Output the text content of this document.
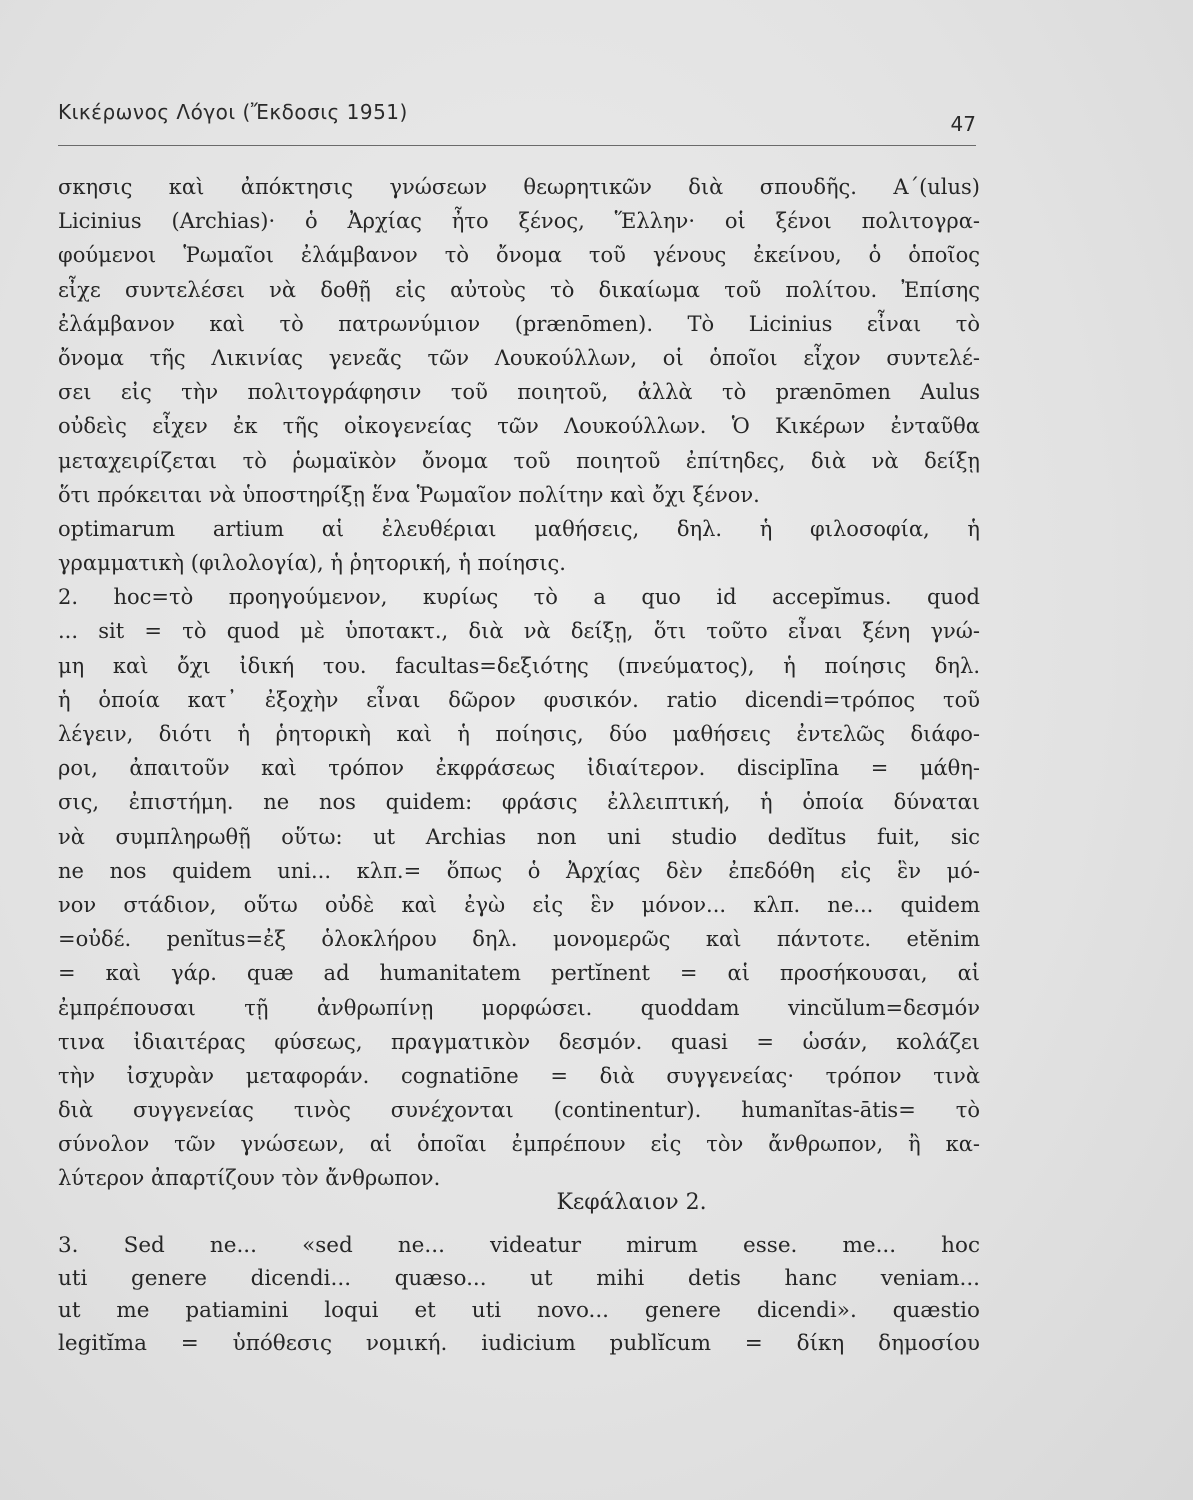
Κικέρωνος Λόγοι (Ἔκδοσις 1951)	47
σκησις καὶ ἀπόκτησις γνώσεων θεωρητικῶν διὰ σπουδῆς. A΄(ulus)
Licinius (Archias)· ὁ Ἀρχίας ἦτο ξένος, Ἕλλην· οἱ ξένοι πολιτογρα-
φούμενοι Ῥωμαῖοι ἐλάμβανον τὸ ὄνομα τοῦ γένους ἐκείνου, ὁ ὁποῖος
εἶχε συντελέσει νὰ δοθῇ εἰς αὐτοὺς τὸ δικαίωμα τοῦ πολίτου. Ἐπίσης
ἐλάμβανον καὶ τὸ πατρωνύμιον (prænōmen). Τὸ Licinius εἶναι τὸ
ὄνομα τῆς Λικινίας γενεᾶς τῶν Λουκούλλων, οἱ ὁποῖοι εἶχον συντελέ-
σει εἰς τὴν πολιτογράφησιν τοῦ ποιητοῦ, ἀλλὰ τὸ prænōmen Aulus
οὐδεὶς εἶχεν ἐκ τῆς οἰκογενείας τῶν Λουκούλλων. Ὁ Κικέρων ἐνταῦθα
μεταχειρίζεται τὸ ῥωμαϊκὸν ὄνομα τοῦ ποιητοῦ ἐπίτηδες, διὰ νὰ δείξῃ
ὅτι πρόκειται νὰ ὑποστηρίξῃ ἕνα Ῥωμαῖον πολίτην καὶ ὄχι ξένον.
optimarum artium αἱ ἐλευθέριαι μαθήσεις, δηλ. ἡ φιλοσοφία, ἡ
γραμματικὴ (φιλολογία), ἡ ῥητορική, ἡ ποίησις.
2. hoc=τὸ προηγούμενον, κυρίως τὸ a quo id accepĭmus. quod
... sit = τὸ quod μὲ ὑποτακτ., διὰ νὰ δείξῃ, ὅτι τοῦτο εἶναι ξένη γνώ-
μη καὶ ὄχι ἰδική του. facultas=δεξιότης (πνεύματος), ἡ ποίησις δηλ.
ἡ ὁποία κατ᾽ ἐξοχὴν εἶναι δῶρον φυσικόν. ratio dicendi=τρόπος τοῦ
λέγειν, διότι ἡ ῥητορικὴ καὶ ἡ ποίησις, δύο μαθήσεις ἐντελῶς διάφο-
ροι, ἀπαιτοῦν καὶ τρόπον ἐκφράσεως ἰδιαίτερον. disciplīna = μάθη-
σις, ἐπιστήμη. ne nos quidem: φράσις ἐλλειπτική, ἡ ὁποία δύναται
νὰ συμπληρωθῇ οὕτω: ut Archias non uni studio dedĭtus fuit, sic
ne nos quidem uni... κλπ.= ὅπως ὁ Ἀρχίας δὲν ἐπεδόθη εἰς ἓν μό-
νον στάδιον, οὕτω οὐδὲ καὶ ἐγὼ εἰς ἓν μόνον... κλπ. ne... quidem
=οὐδέ. penĭtus=ἐξ ὁλοκλήρου δηλ. μονομερῶς καὶ πάντοτε. etĕnim
= καὶ γάρ. quæ ad humanitatem pertĭnent = αἱ προσήκουσαι, αἱ
ἐμπρέπουσαι τῇ ἀνθρωπίνῃ μορφώσει. quoddam vincŭlum=δεσμόν
τινα ἰδιαιτέρας φύσεως, πραγματικὸν δεσμόν. quasi = ὡσάν, κολάζει
τὴν ἰσχυρὰν μεταφοράν. cognatiōne = διὰ συγγενείας· τρόπον τινὰ
διὰ συγγενείας τινὸς συνέχονται (continentur). humanĭtas-ātis= τὸ
σύνολον τῶν γνώσεων, αἱ ὁποῖαι ἐμπρέπουν εἰς τὸν ἄνθρωπον, ἢ κα-
λύτερον ἀπαρτίζουν τὸν ἄνθρωπον.
Κεφάλαιον 2.
3. Sed ne... «sed ne... videatur mirum esse. me... hoc
uti genere dicendi... quæso... ut mihi detis hanc veniam...
ut me patiamini loqui et uti novo... genere dicendi». quæstio
legitĭma = ὑπόθεσις νομική. iudicium publĭcum = δίκη δημοσίου
